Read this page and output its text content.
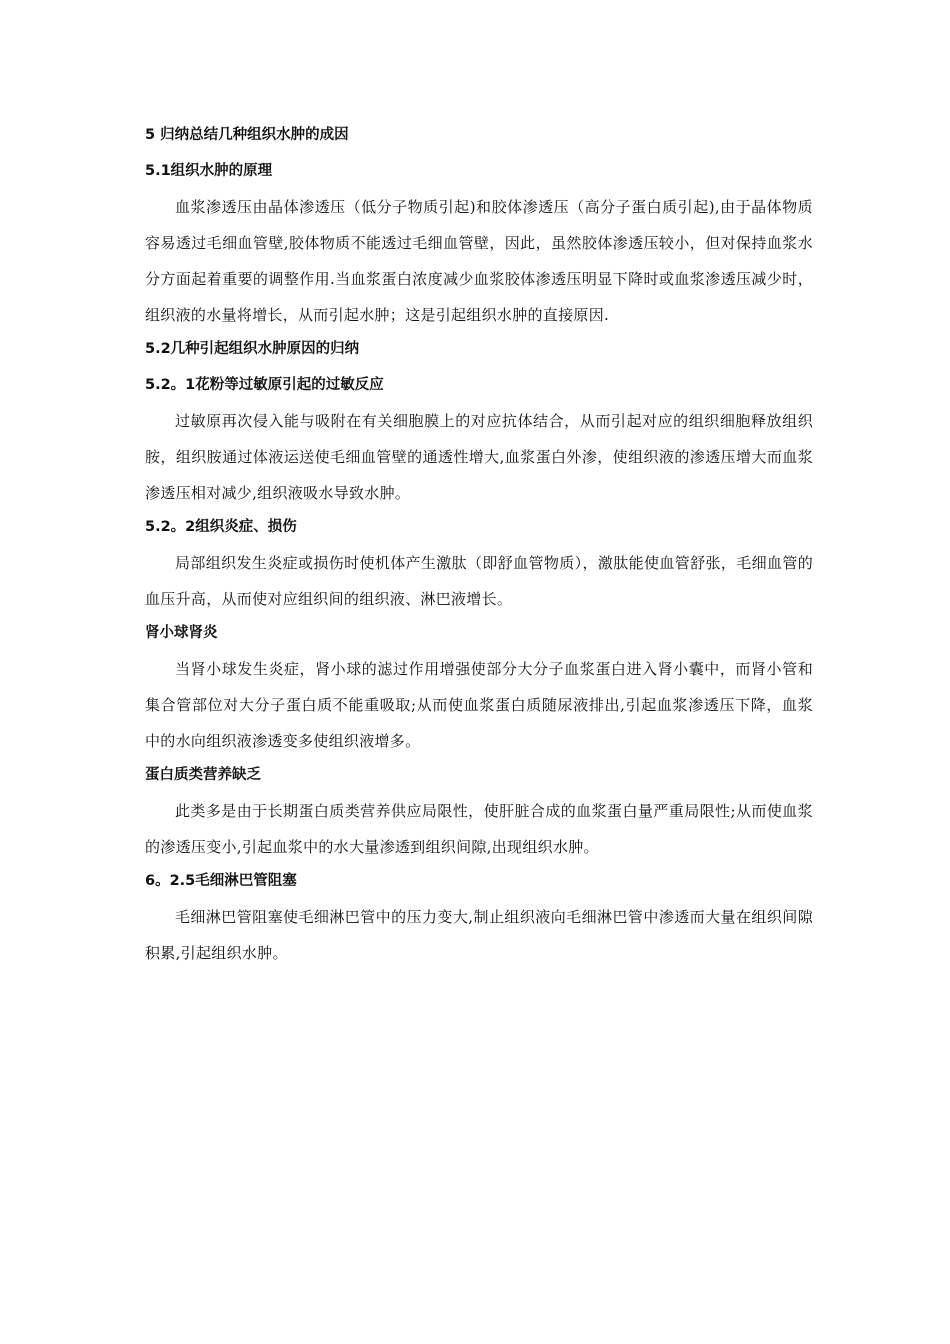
5 归纳总结几种组织水肿的成因
5.1组织水肿的原理

血浆渗透压由晶体渗透压（低分子物质引起)和胶体渗透压（高分子蛋白质引起),由于晶体物质容易透过毛细血管壁,胶体物质不能透过毛细血管壁，因此，虽然胶体渗透压较小，但对保持血浆水分方面起着重要的调整作用.当血浆蛋白浓度减少血浆胶体渗透压明显下降时或血浆渗透压减少时，组织液的水量将增长，从而引起水肿；这是引起组织水肿的直接原因.

5.2几种引起组织水肿原因的归纳
5.2。1花粉等过敏原引起的过敏反应

过敏原再次侵入能与吸附在有关细胞膜上的对应抗体结合，从而引起对应的组织细胞释放组织胺，组织胺通过体液运送使毛细血管壁的通透性增大,血浆蛋白外渗，使组织液的渗透压增大而血浆渗透压相对减少,组织液吸水导致水肿。

5.2。2组织炎症、损伤

局部组织发生炎症或损伤时使机体产生激肽（即舒血管物质），激肽能使血管舒张，毛细血管的血压升高，从而使对应组织间的组织液、淋巴液增长。

肾小球肾炎

当肾小球发生炎症，肾小球的滤过作用增强使部分大分子血浆蛋白进入肾小囊中，而肾小管和集合管部位对大分子蛋白质不能重吸取;从而使血浆蛋白质随尿液排出,引起血浆渗透压下降，血浆中的水向组织液渗透变多使组织液增多。

蛋白质类营养缺乏

此类多是由于长期蛋白质类营养供应局限性，使肝脏合成的血浆蛋白量严重局限性;从而使血浆的渗透压变小,引起血浆中的水大量渗透到组织间隙,出现组织水肿。

6。2.5毛细淋巴管阻塞

毛细淋巴管阻塞使毛细淋巴管中的压力变大,制止组织液向毛细淋巴管中渗透而大量在组织间隙积累,引起组织水肿。
